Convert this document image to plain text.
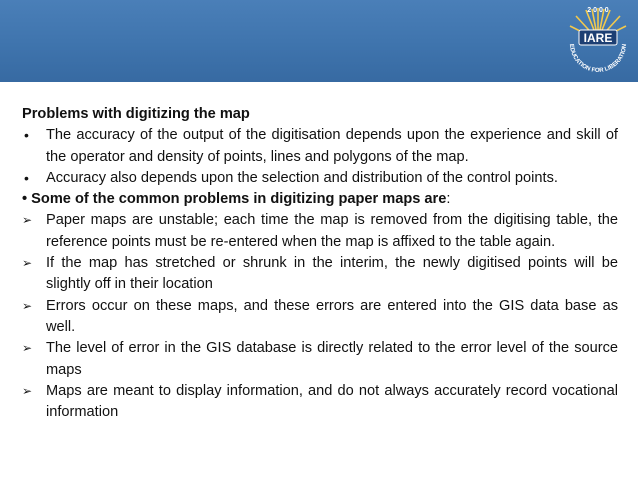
2 0 0 0
IARE
EDUCATION FOR LIBERATION
Problems with digitizing the map
•	The accuracy of the output of the digitisation depends upon the experience and skill of the operator and density of points, lines and polygons of the map.
•	Accuracy also depends upon the selection and distribution of the control points.
• Some of the common problems in digitizing paper maps are:
➢ Paper maps are unstable; each time the map is removed from the digitising table, the reference points must be re-entered when the map is affixed to the table again.
➢ If the map has stretched or shrunk in the interim, the newly digitised points will be slightly off in their location
➢ Errors occur on these maps, and these errors are entered into the GIS data base as well.
➢ The level of error in the GIS database is directly related to the error level of the source maps
➢ Maps are meant to display information, and do not always accurately record vocational information
